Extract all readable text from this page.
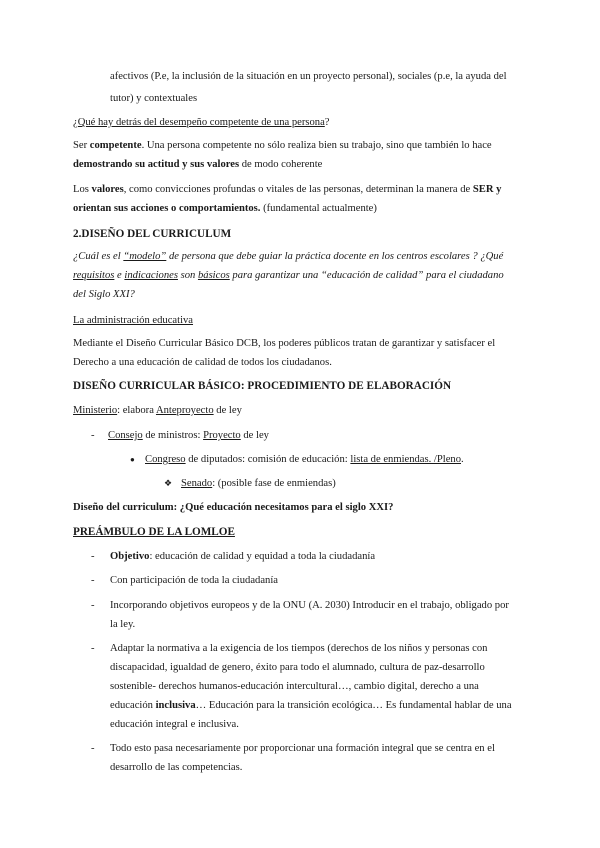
afectivos (P.e, la inclusión de la situación en un proyecto personal), sociales (p.e, la ayuda del
tutor) y contextuales
¿Qué hay detrás del desempeño competente de una persona?
Ser competente. Una persona competente no sólo realiza bien su trabajo, sino que también lo hace
demostrando su actitud y sus valores de modo coherente
Los valores, como convicciones profundas o vitales de las personas, determinan la manera de SER y
orientan sus acciones o comportamientos. (fundamental actualmente)
2.DISEÑO DEL CURRICULUM
¿Cuál es el “modelo” de persona que debe guiar la práctica docente en los centros escolares ? ¿Qué
requisitos e indicaciones son básicos para garantizar una “educación de calidad” para el ciudadano
del Siglo XXI?
La administración educativa
Mediante el Diseño Curricular Básico DCB, los poderes públicos tratan de garantizar y satisfacer el
Derecho a una educación de calidad de todos los ciudadanos.
DISEÑO CURRICULAR BÁSICO: PROCEDIMIENTO DE ELABORACIÓN
Ministerio: elabora Anteproyecto de ley
- Consejo de ministros: Proyecto de ley
● Congreso de diputados: comisión de educación: lista de enmiendas. /Pleno.
❖ Senado: (posible fase de enmiendas)
Diseño del curriculum: ¿Qué educación necesitamos para el siglo XXI?
PREÁMBULO DE LA LOMLOE
- Objetivo: educación de calidad y equidad a toda la ciudadanía
- Con participación de toda la ciudadanía
- Incorporando objetivos europeos y de la ONU (A. 2030) Introducir en el trabajo, obligado por
la ley.
- Adaptar la normativa a la exigencia de los tiempos (derechos de los niños y personas con
discapacidad, igualdad de genero, éxito para todo el alumnado, cultura de paz-desarrollo
sostenible- derechos humanos-educación intercultural…, cambio digital, derecho a una
educación inclusiva… Educación para la transición ecológica… Es fundamental hablar de una
educación integral e inclusiva.
- Todo esto pasa necesariamente por proporcionar una formación integral que se centra en el
desarrollo de las competencias.
